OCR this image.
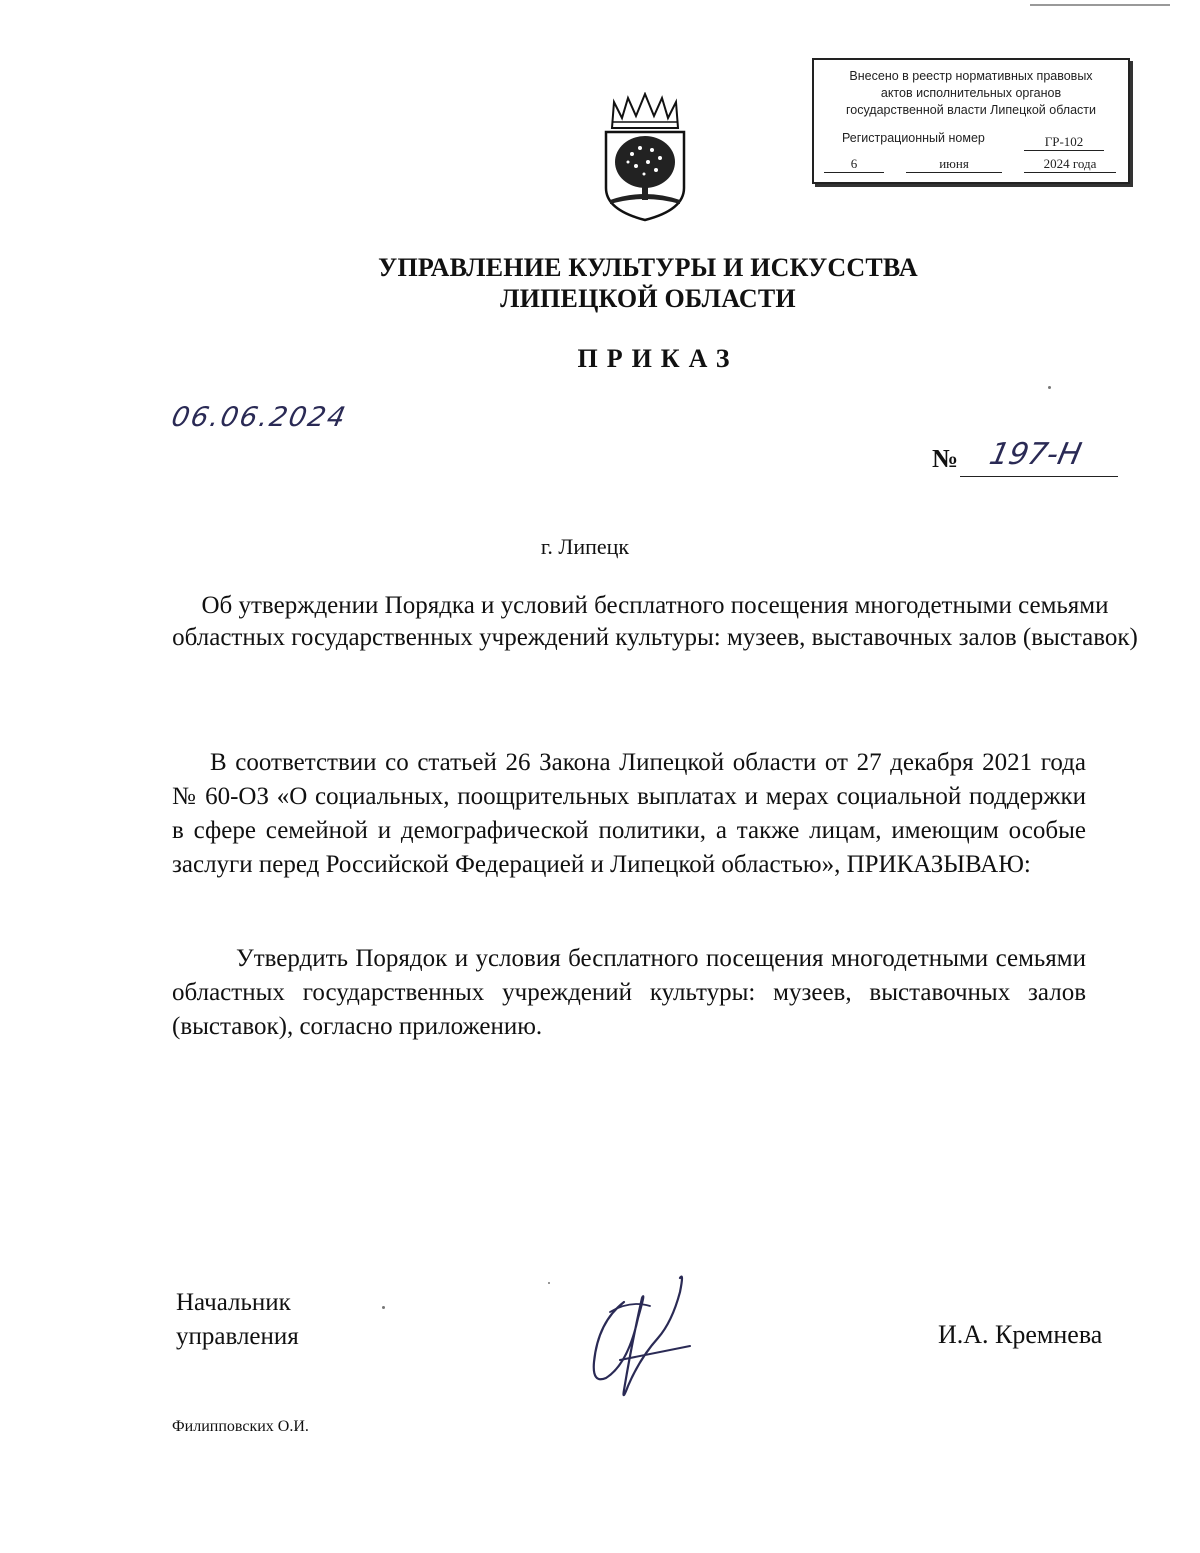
Внесено в реестр нормативных правовых
актов исполнительных органов
государственной власти Липецкой области
Регистрационный номер	ГР-102
6	июня	2024 года
УПРАВЛЕНИЕ КУЛЬТУРЫ И ИСКУССТВА
ЛИПЕЦКОЙ ОБЛАСТИ
ПРИКАЗ
06.06.2024
№ 197-Н
г. Липецк
Об утверждении Порядка и условий бесплатного посещения многодетными семьями областных государственных учреждений культуры: музеев, выставочных залов (выставок)
В соответствии со статьей 26 Закона Липецкой области от 27 декабря 2021 года № 60-ОЗ «О социальных, поощрительных выплатах и мерах социальной поддержки в сфере семейной и демографической политики, а также лицам, имеющим особые заслуги перед Российской Федерацией и Липецкой областью», ПРИКАЗЫВАЮ:
Утвердить Порядок и условия бесплатного посещения многодетными семьями областных государственных учреждений культуры: музеев, выставочных залов (выставок), согласно приложению.
Начальник
управления	И.А. Кремнева
Филипповских О.И.
